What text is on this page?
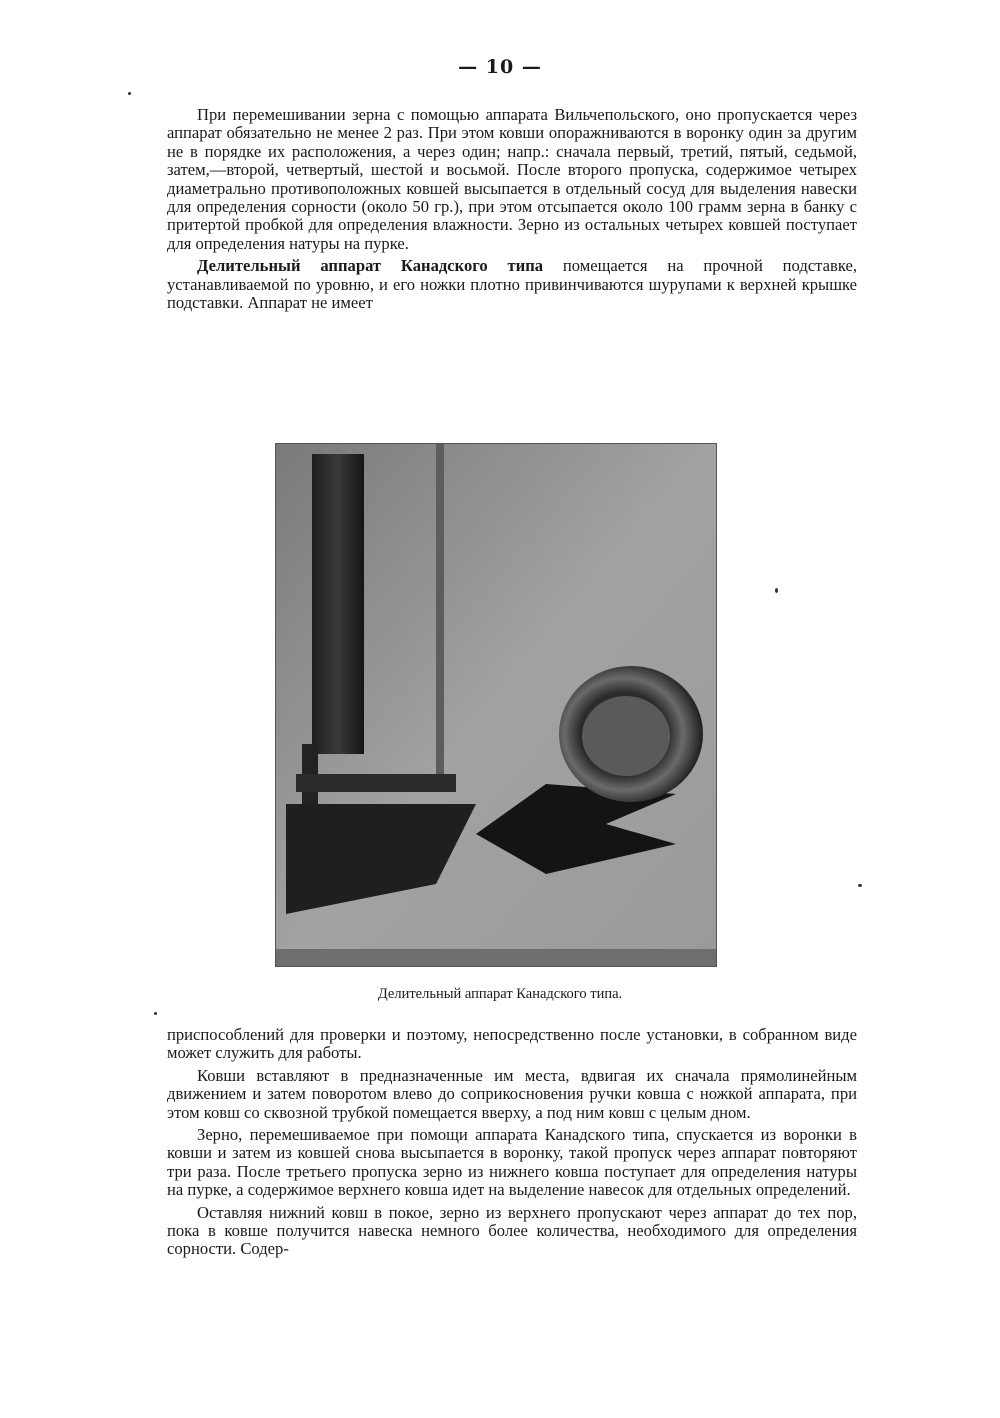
— 10 —

При перемешивании зерна с помощью аппарата Вильчепольского, оно пропускается через аппарат обязательно не менее 2 раз. При этом ковши опоражниваются в воронку один за другим не в порядке их расположения, а через один; напр.: сначала первый, третий, пятый, седьмой, затем,—второй, четвертый, шестой и восьмой. После второго пропуска, содержимое четырех диаметрально противоположных ковшей высыпается в отдельный сосуд для выделения навески для определения сорности (около 50 гр.), при этом отсыпается около 100 грамм зерна в банку с притертой пробкой для определения влажности. Зерно из остальных четырех ковшей поступает для определения натуры на пурке.

Делительный аппарат Канадского типа помещается на прочной подставке, устанавливаемой по уровню, и его ножки плотно привинчиваются шурупами к верхней крышке подставки. Аппарат не имеет

Делительный аппарат Канадского типа.

приспособлений для проверки и поэтому, непосредственно после установки, в собранном виде может служить для работы.

Ковши вставляют в предназначенные им места, вдвигая их сначала прямолинейным движением и затем поворотом влево до соприкосновения ручки ковша с ножкой аппарата, при этом ковш со сквозной трубкой помещается вверху, а под ним ковш с целым дном.

Зерно, перемешиваемое при помощи аппарата Канадского типа, спускается из воронки в ковши и затем из ковшей снова высыпается в воронку, такой пропуск через аппарат повторяют три раза. После третьего пропуска зерно из нижнего ковша поступает для определения натуры на пурке, а содержимое верхнего ковша идет на выделение навесок для отдельных определений.

Оставляя нижний ковш в покое, зерно из верхнего пропускают через аппарат до тех пор, пока в ковше получится навеска немного более количества, необходимого для определения сорности. Содер-
